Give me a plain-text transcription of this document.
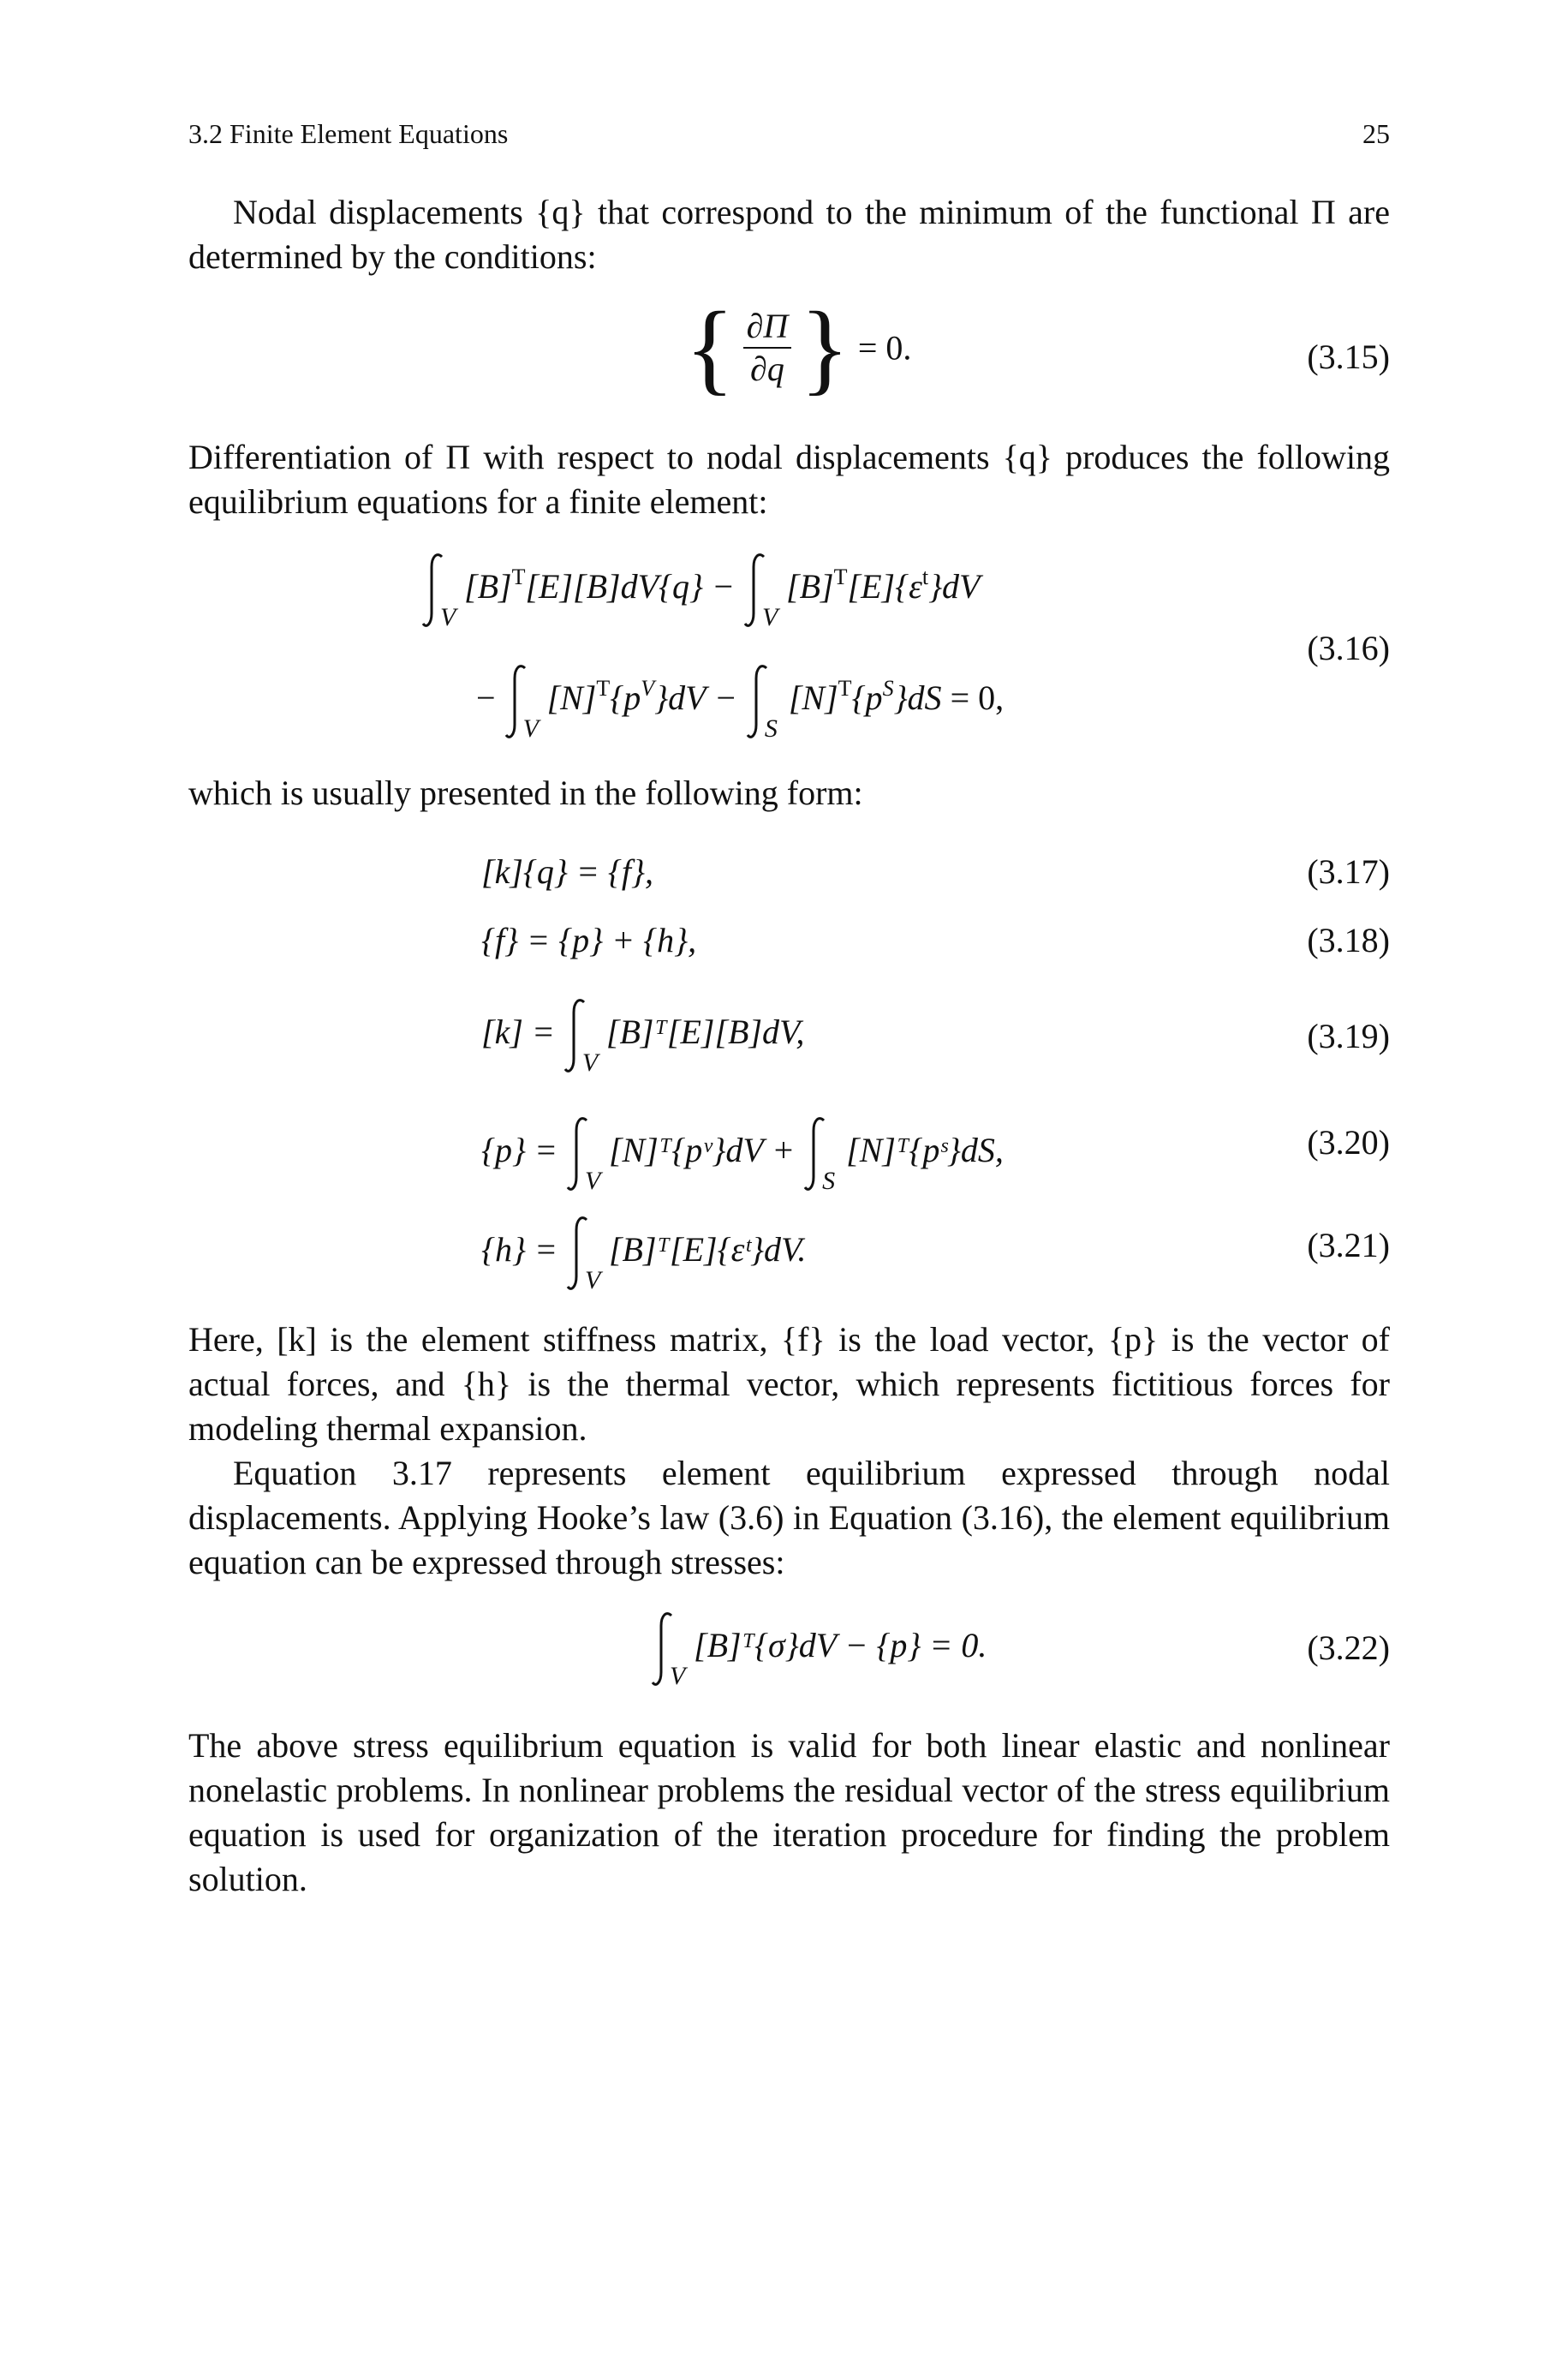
3.2 Finite Element Equations	25
Nodal displacements {q} that correspond to the minimum of the functional Π are determined by the conditions:
{ $\frac{\partial\Pi}{\partial q}$ } = 0.	(3.15)
Differentiation of Π with respect to nodal displacements {q} produces the following equilibrium equations for a finite element:
V
$[B]^T[E][B]dV\{q\}$ −
V
$[B]^T[E]\{\varepsilon^t\}dV$
−
V
$[N]^T\{p^V\}dV$ −
S
$[N]^T\{p^S\}dS = 0$,
(3.16)
which is usually presented in the following form:
[k]{q} = {f},	(3.17)
{f} = {p} + {h},	(3.18)
[k] =
V
[B]ᵀ[E][B]dV,	(3.19)
{p} =
V
[N]ᵀ{pᵛ}dV +
S
[N]ᵀ{pˢ}dS,	(3.20)
{h} =
V
[B]ᵀ[E]{εᵗ}dV.	(3.21)
Here, [k] is the element stiffness matrix, {f} is the load vector, {p} is the vector of actual forces, and {h} is the thermal vector, which represents fictitious forces for modeling thermal expansion.
Equation 3.17 represents element equilibrium expressed through nodal displacements. Applying Hooke’s law (3.6) in Equation (3.16), the element equilibrium equation can be expressed through stresses:
V
[B]ᵀ{σ}dV − {p} = 0.	(3.22)
The above stress equilibrium equation is valid for both linear elastic and nonlinear nonelastic problems. In nonlinear problems the residual vector of the stress equilibrium equation is used for organization of the iteration procedure for finding the problem solution.
